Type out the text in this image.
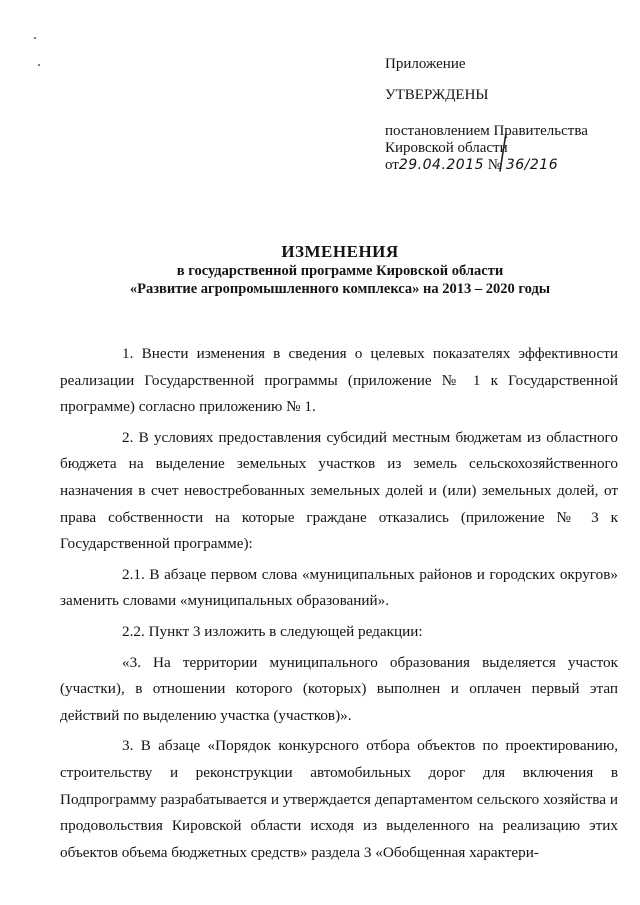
Приложение
УТВЕРЖДЕНЫ
постановлением Правительства
Кировской области
от29.04.2015 № 36/216
ИЗМЕНЕНИЯ
в государственной программе Кировской области
«Развитие агропромышленного комплекса» на 2013 – 2020 годы

1. Внести изменения в сведения о целевых показателях эффективности реализации Государственной программы (приложение № 1 к Государственной программе) согласно приложению № 1.

2. В условиях предоставления субсидий местным бюджетам из областного бюджета на выделение земельных участков из земель сельскохозяйственного назначения в счет невостребованных земельных долей и (или) земельных долей, от права собственности на которые граждане отказались (приложение № 3 к Государственной программе):

2.1. В абзаце первом слова «муниципальных районов и городских округов» заменить словами «муниципальных образований».

2.2. Пункт 3 изложить в следующей редакции:

«3. На территории муниципального образования выделяется участок (участки), в отношении которого (которых) выполнен и оплачен первый этап действий по выделению участка (участков)».

3. В абзаце «Порядок конкурсного отбора объектов по проектированию, строительству и реконструкции автомобильных дорог для включения в Подпрограмму разрабатывается и утверждается департаментом сельского хозяйства и продовольствия Кировской области исходя из выделенного на реализацию этих объектов объема бюджетных средств» раздела 3 «Обобщенная характери-
